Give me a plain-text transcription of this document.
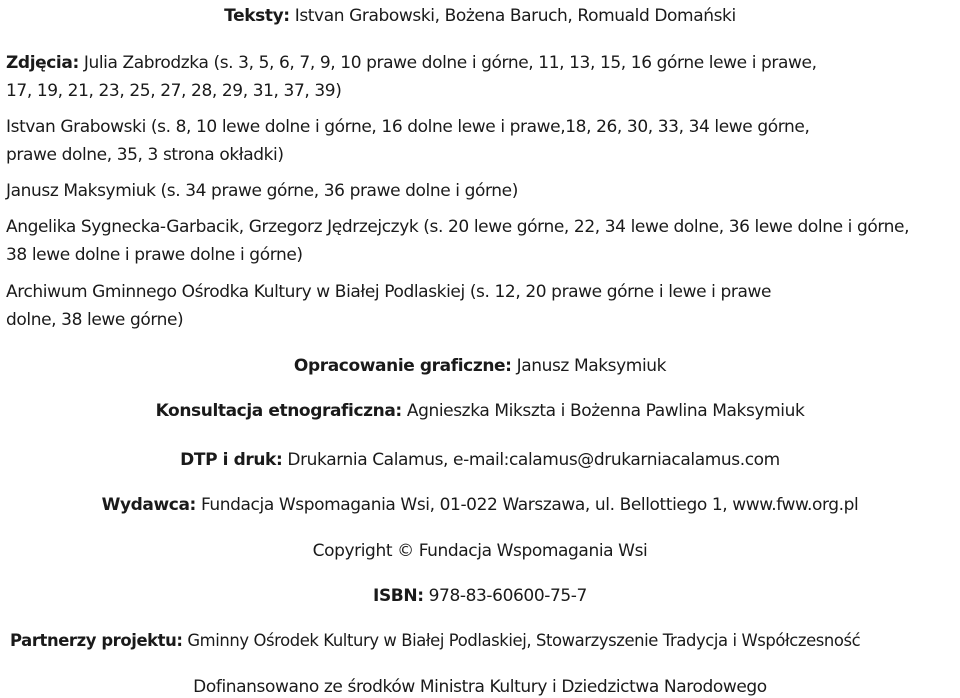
Teksty: Istvan Grabowski, Bożena Baruch, Romuald Domański
Zdjęcia: Julia Zabrodzka (s. 3, 5, 6, 7, 9, 10 prawe dolne i górne, 11, 13, 15, 16 górne lewe i prawe,
17, 19, 21, 23, 25, 27, 28, 29, 31, 37, 39)
Istvan Grabowski (s. 8, 10 lewe dolne i górne, 16 dolne lewe i prawe,18, 26, 30, 33, 34 lewe górne,
prawe dolne, 35, 3 strona okładki)
Janusz Maksymiuk (s. 34 prawe górne, 36 prawe dolne i górne)
Angelika Sygnecka-Garbacik, Grzegorz Jędrzejczyk (s. 20 lewe górne, 22, 34 lewe dolne, 36 lewe dolne i górne,
38 lewe dolne i prawe dolne i górne)
Archiwum Gminnego Ośrodka Kultury w Białej Podlaskiej (s. 12, 20 prawe górne i lewe i prawe
dolne, 38 lewe górne)
Opracowanie graficzne: Janusz Maksymiuk
Konsultacja etnograficzna: Agnieszka Mikszta i Bożenna Pawlina Maksymiuk
DTP i druk: Drukarnia Calamus, e-mail:calamus@drukarniacalamus.com
Wydawca: Fundacja Wspomagania Wsi, 01-022 Warszawa, ul. Bellottiego 1, www.fww.org.pl
Copyright © Fundacja Wspomagania Wsi
ISBN: 978-83-60600-75-7
Partnerzy projektu: Gminny Ośrodek Kultury w Białej Podlaskiej, Stowarzyszenie Tradycja i Współczesność
Dofinansowano ze środków Ministra Kultury i Dziedzictwa Narodowego
